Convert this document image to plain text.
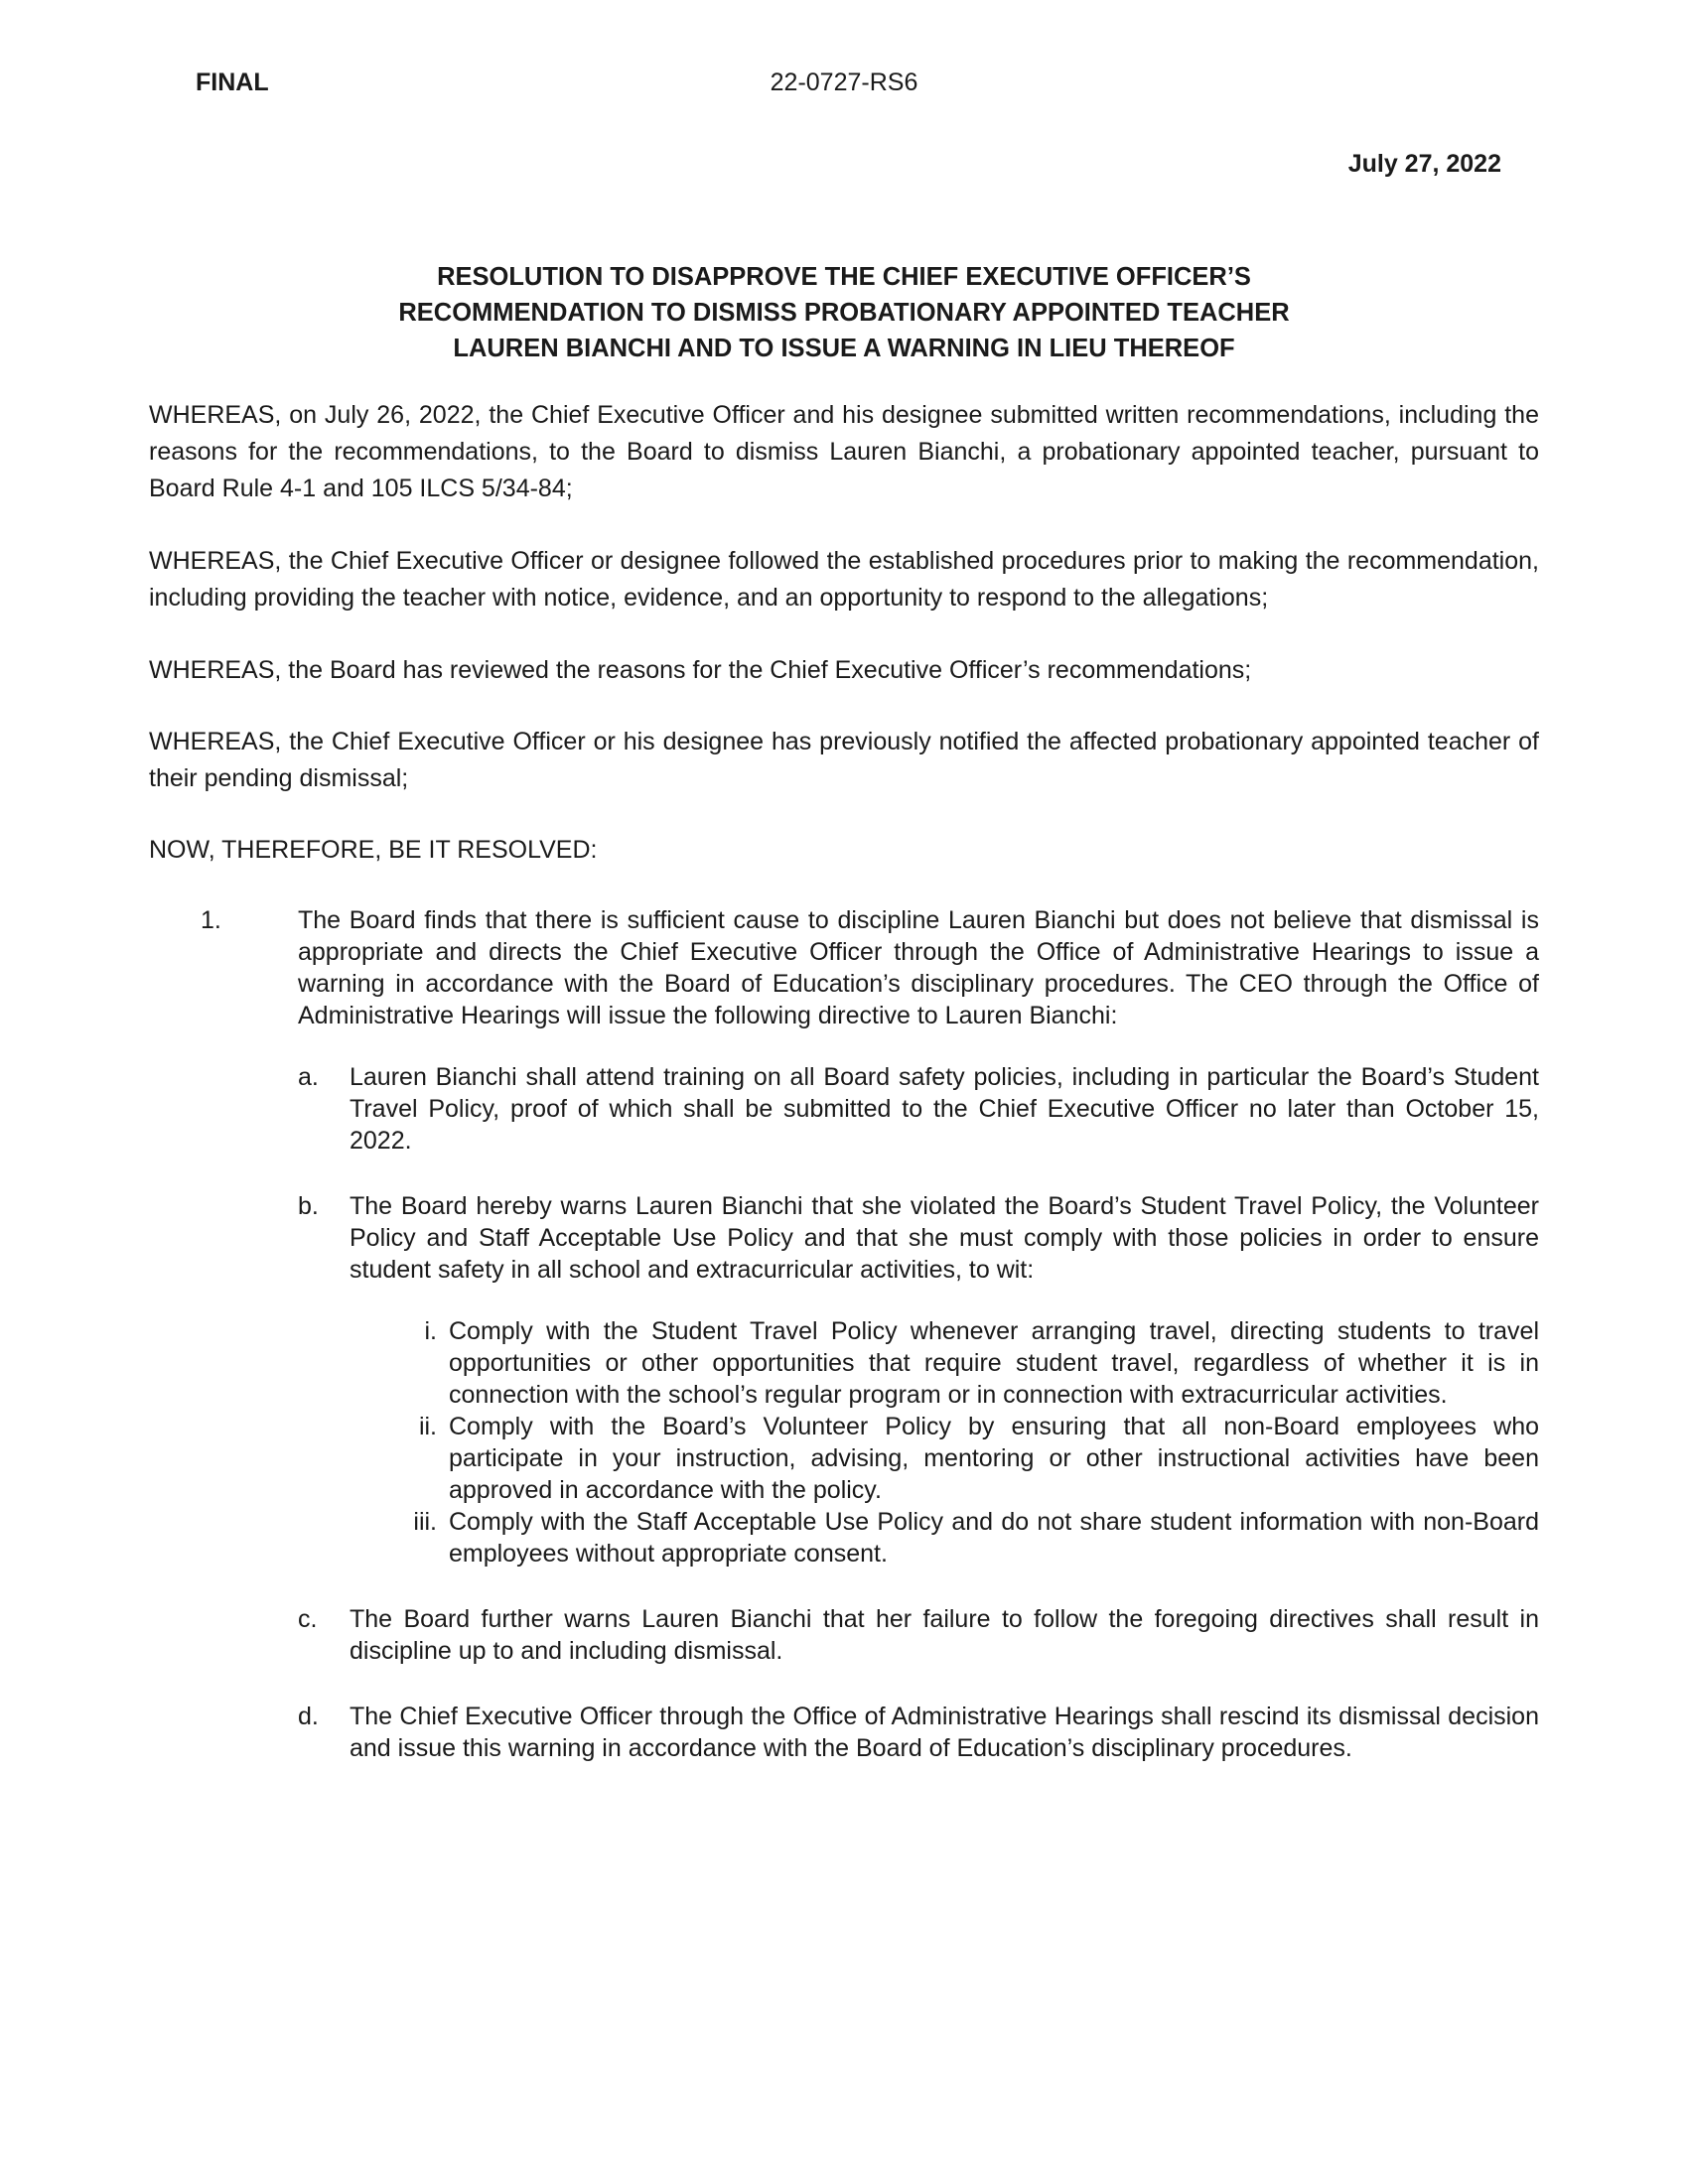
FINAL	22-0727-RS6
July 27, 2022
RESOLUTION TO DISAPPROVE THE CHIEF EXECUTIVE OFFICER’S
RECOMMENDATION TO DISMISS PROBATIONARY APPOINTED TEACHER
LAUREN BIANCHI AND TO ISSUE A WARNING IN LIEU THEREOF

WHEREAS, on July 26, 2022, the Chief Executive Officer and his designee submitted written recommendations, including the reasons for the recommendations, to the Board to dismiss Lauren Bianchi, a probationary appointed teacher, pursuant to Board Rule 4-1 and 105 ILCS 5/34-84;

WHEREAS, the Chief Executive Officer or designee followed the established procedures prior to making the recommendation, including providing the teacher with notice, evidence, and an opportunity to respond to the allegations;

WHEREAS, the Board has reviewed the reasons for the Chief Executive Officer’s recommendations;

WHEREAS, the Chief Executive Officer or his designee has previously notified the affected probationary appointed teacher of their pending dismissal;

NOW, THEREFORE, BE IT RESOLVED:

1.	The Board finds that there is sufficient cause to discipline Lauren Bianchi but does not believe that dismissal is appropriate and directs the Chief Executive Officer through the Office of Administrative Hearings to issue a warning in accordance with the Board of Education’s disciplinary procedures. The CEO through the Office of Administrative Hearings will issue the following directive to Lauren Bianchi:
a. Lauren Bianchi shall attend training on all Board safety policies, including in particular the Board’s Student Travel Policy, proof of which shall be submitted to the Chief Executive Officer no later than October 15, 2022.
b. The Board hereby warns Lauren Bianchi that she violated the Board’s Student Travel Policy, the Volunteer Policy and Staff Acceptable Use Policy and that she must comply with those policies in order to ensure student safety in all school and extracurricular activities, to wit:
i. Comply with the Student Travel Policy whenever arranging travel, directing students to travel opportunities or other opportunities that require student travel, regardless of whether it is in connection with the school’s regular program or in connection with extracurricular activities.
ii. Comply with the Board’s Volunteer Policy by ensuring that all non-Board employees who participate in your instruction, advising, mentoring or other instructional activities have been approved in accordance with the policy.
iii. Comply with the Staff Acceptable Use Policy and do not share student information with non-Board employees without appropriate consent.
c. The Board further warns Lauren Bianchi that her failure to follow the foregoing directives shall result in discipline up to and including dismissal.
d. The Chief Executive Officer through the Office of Administrative Hearings shall rescind its dismissal decision and issue this warning in accordance with the Board of Education’s disciplinary procedures.
